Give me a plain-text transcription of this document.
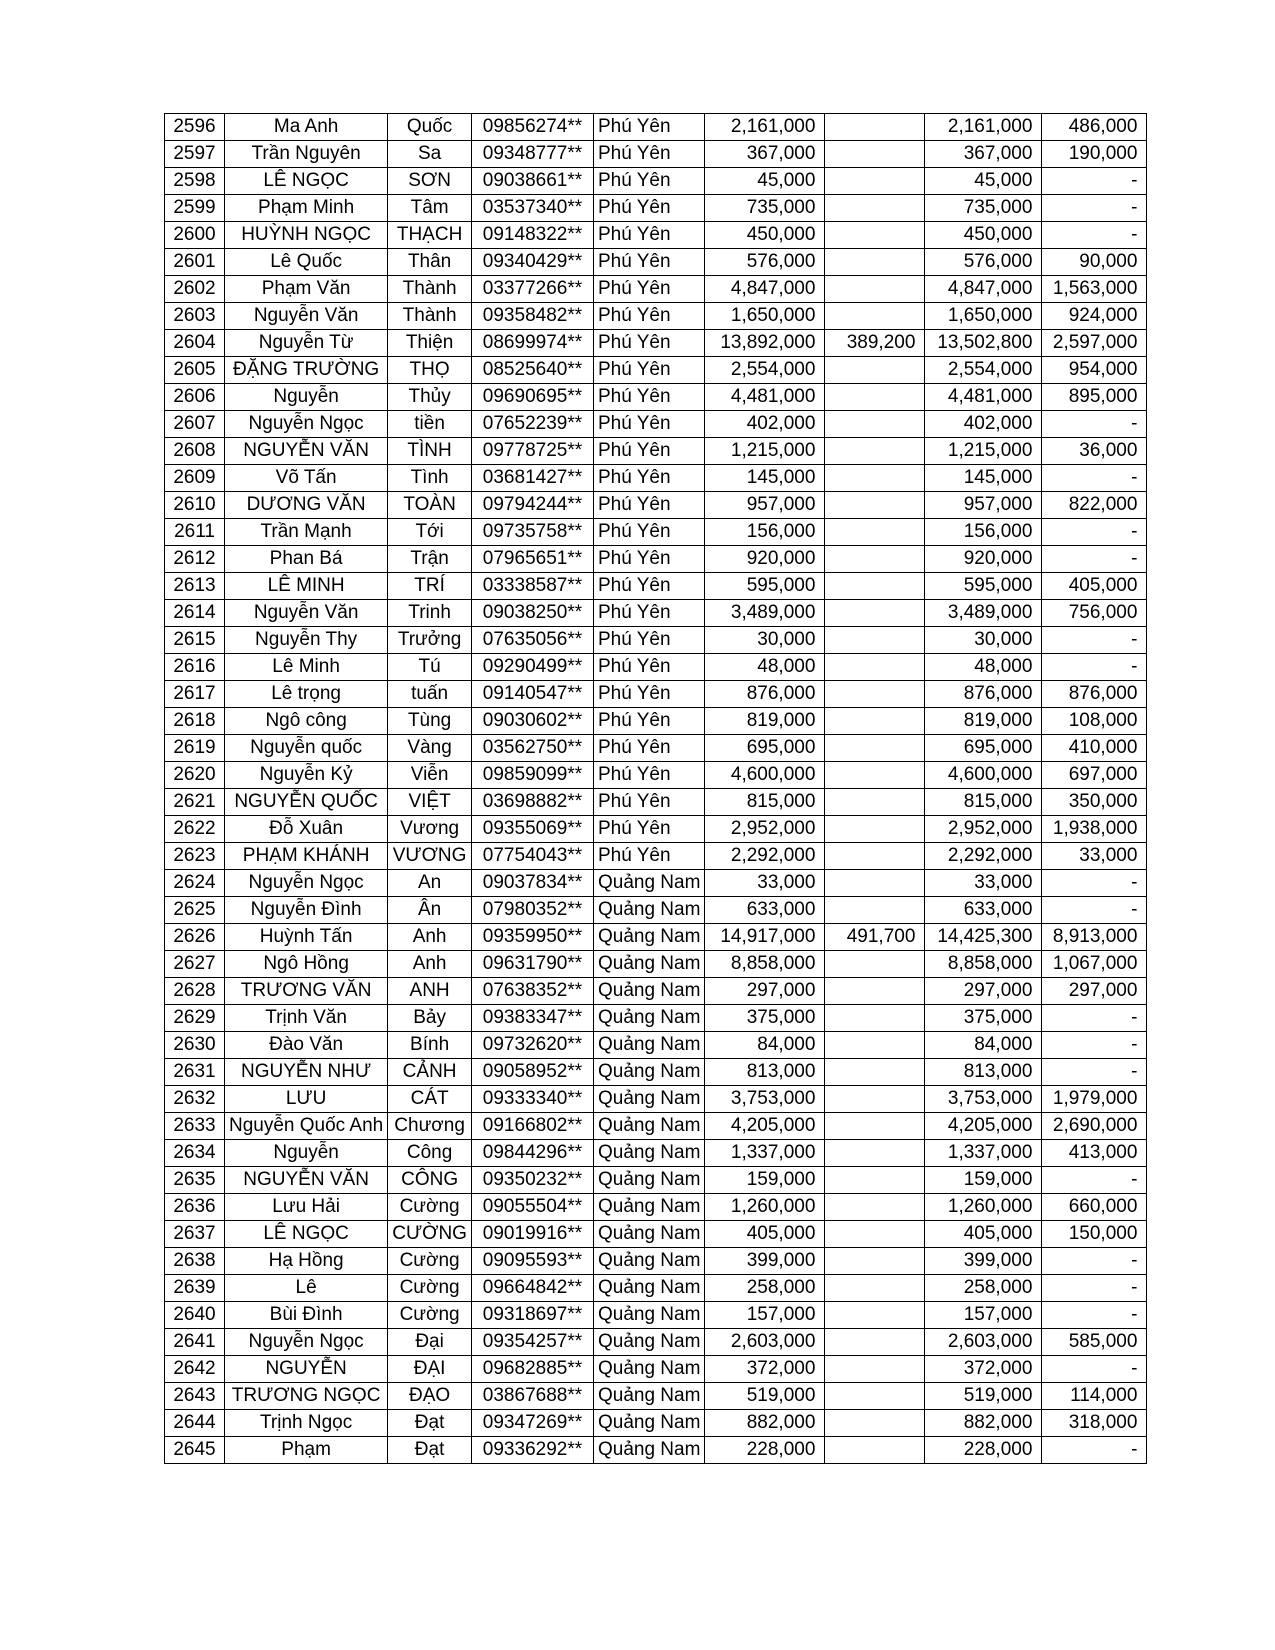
2596	Ma Anh	Quốc	09856274**	Phú Yên	2,161,000		2,161,000	486,000
2597	Trần Nguyên	Sa	09348777**	Phú Yên	367,000		367,000	190,000
2598	LÊ NGỌC	SƠN	09038661**	Phú Yên	45,000		45,000	-
2599	Phạm Minh	Tâm	03537340**	Phú Yên	735,000		735,000	-
2600	HUỲNH NGỌC	THẠCH	09148322**	Phú Yên	450,000		450,000	-
2601	Lê Quốc	Thân	09340429**	Phú Yên	576,000		576,000	90,000
2602	Phạm Văn	Thành	03377266**	Phú Yên	4,847,000		4,847,000	1,563,000
2603	Nguyễn Văn	Thành	09358482**	Phú Yên	1,650,000		1,650,000	924,000
2604	Nguyễn Từ	Thiện	08699974**	Phú Yên	13,892,000	389,200	13,502,800	2,597,000
2605	ĐẶNG TRƯỜNG	THỌ	08525640**	Phú Yên	2,554,000		2,554,000	954,000
2606	Nguyễn	Thủy	09690695**	Phú Yên	4,481,000		4,481,000	895,000
2607	Nguyễn Ngọc	tiền	07652239**	Phú Yên	402,000		402,000	-
2608	NGUYỄN VĂN	TÌNH	09778725**	Phú Yên	1,215,000		1,215,000	36,000
2609	Võ Tấn	Tình	03681427**	Phú Yên	145,000		145,000	-
2610	DƯƠNG VĂN	TOÀN	09794244**	Phú Yên	957,000		957,000	822,000
2611	Trần Mạnh	Tới	09735758**	Phú Yên	156,000		156,000	-
2612	Phan Bá	Trận	07965651**	Phú Yên	920,000		920,000	-
2613	LÊ MINH	TRÍ	03338587**	Phú Yên	595,000		595,000	405,000
2614	Nguyễn Văn	Trinh	09038250**	Phú Yên	3,489,000		3,489,000	756,000
2615	Nguyễn Thy	Trưởng	07635056**	Phú Yên	30,000		30,000	-
2616	Lê Minh	Tú	09290499**	Phú Yên	48,000		48,000	-
2617	Lê trọng	tuấn	09140547**	Phú Yên	876,000		876,000	876,000
2618	Ngô công	Tùng	09030602**	Phú Yên	819,000		819,000	108,000
2619	Nguyễn quốc	Vàng	03562750**	Phú Yên	695,000		695,000	410,000
2620	Nguyễn Kỷ	Viễn	09859099**	Phú Yên	4,600,000		4,600,000	697,000
2621	NGUYỄN QUỐC	VIỆT	03698882**	Phú Yên	815,000		815,000	350,000
2622	Đỗ Xuân	Vương	09355069**	Phú Yên	2,952,000		2,952,000	1,938,000
2623	PHẠM KHÁNH	VƯƠNG	07754043**	Phú Yên	2,292,000		2,292,000	33,000
2624	Nguyễn Ngọc	An	09037834**	Quảng Nam	33,000		33,000	-
2625	Nguyễn Đình	Ân	07980352**	Quảng Nam	633,000		633,000	-
2626	Huỳnh Tấn	Anh	09359950**	Quảng Nam	14,917,000	491,700	14,425,300	8,913,000
2627	Ngô Hồng	Anh	09631790**	Quảng Nam	8,858,000		8,858,000	1,067,000
2628	TRƯƠNG VĂN	ANH	07638352**	Quảng Nam	297,000		297,000	297,000
2629	Trịnh Văn	Bảy	09383347**	Quảng Nam	375,000		375,000	-
2630	Đào Văn	Bính	09732620**	Quảng Nam	84,000		84,000	-
2631	NGUYỄN NHƯ	CẢNH	09058952**	Quảng Nam	813,000		813,000	-
2632	LƯU	CÁT	09333340**	Quảng Nam	3,753,000		3,753,000	1,979,000
2633	Nguyễn Quốc Anh	Chương	09166802**	Quảng Nam	4,205,000		4,205,000	2,690,000
2634	Nguyễn	Công	09844296**	Quảng Nam	1,337,000		1,337,000	413,000
2635	NGUYỄN VĂN	CÔNG	09350232**	Quảng Nam	159,000		159,000	-
2636	Lưu Hải	Cường	09055504**	Quảng Nam	1,260,000		1,260,000	660,000
2637	LÊ NGỌC	CƯỜNG	09019916**	Quảng Nam	405,000		405,000	150,000
2638	Hạ Hồng	Cường	09095593**	Quảng Nam	399,000		399,000	-
2639	Lê	Cường	09664842**	Quảng Nam	258,000		258,000	-
2640	Bùi Đình	Cường	09318697**	Quảng Nam	157,000		157,000	-
2641	Nguyễn Ngọc	Đại	09354257**	Quảng Nam	2,603,000		2,603,000	585,000
2642	NGUYỄN	ĐẠI	09682885**	Quảng Nam	372,000		372,000	-
2643	TRƯƠNG NGỌC	ĐẠO	03867688**	Quảng Nam	519,000		519,000	114,000
2644	Trịnh Ngọc	Đạt	09347269**	Quảng Nam	882,000		882,000	318,000
2645	Phạm	Đạt	09336292**	Quảng Nam	228,000		228,000	-
